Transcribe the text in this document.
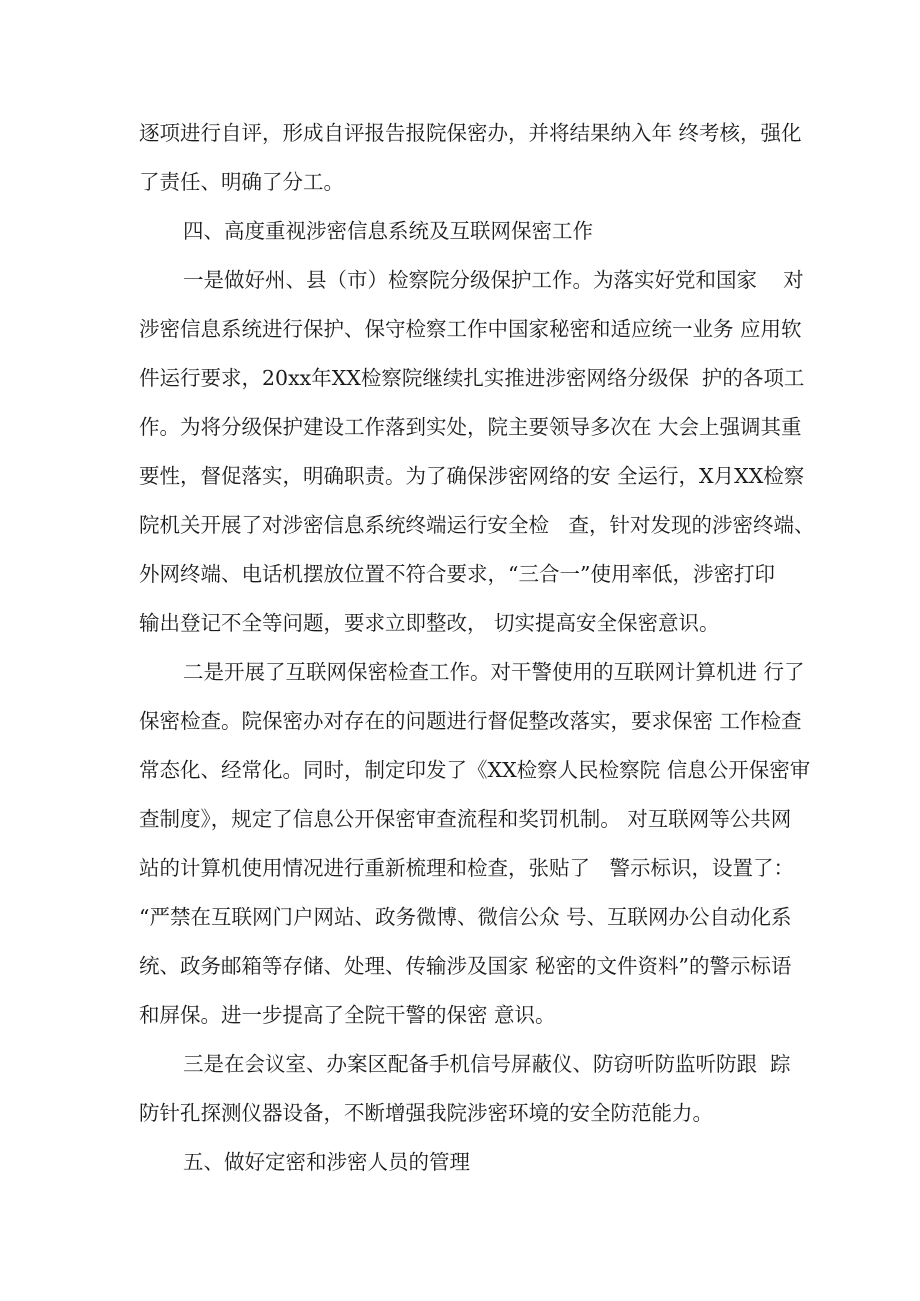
逐项进行自评，形成自评报告报院保密办，并将结果纳入年 终考核，强化

了责任、明确了分工。

四、高度重视涉密信息系统及互联网保密工作

一是做好州、县（市）检察院分级保护工作。为落实好党和国家    对

涉密信息系统进行保护、保守检察工作中国家秘密和适应统一业务 应用软

件运行要求，20xx年XX检察院继续扎实推进涉密网络分级保  护的各项工

作。为将分级保护建设工作落到实处，院主要领导多次在 大会上强调其重

要性，督促落实，明确职责。为了确保涉密网络的安 全运行，X月XX检察

院机关开展了对涉密信息系统终端运行安全检   查，针对发现的涉密终端、

外网终端、电话机摆放位置不符合要求，“三合一”使用率低，涉密打印

输出登记不全等问题，要求立即整改， 切实提高安全保密意识。

二是开展了互联网保密检查工作。对干警使用的互联网计算机进 行了

保密检查。院保密办对存在的问题进行督促整改落实，要求保密 工作检查

常态化、经常化。同时，制定印发了《XX检察人民检察院 信息公开保密审

查制度》，规定了信息公开保密审查流程和奖罚机制。 对互联网等公共网

站的计算机使用情况进行重新梳理和检查，张贴了   警示标识，设置了：

“严禁在互联网门户网站、政务微博、微信公众 号、互联网办公自动化系

统、政务邮箱等存储、处理、传输涉及国家 秘密的文件资料”的警示标语

和屏保。进一步提高了全院干警的保密 意识。

三是在会议室、办案区配备手机信号屏蔽仪、防窃听防监听防跟  踪

防针孔探测仪器设备，不断增强我院涉密环境的安全防范能力。

五、做好定密和涉密人员的管理
